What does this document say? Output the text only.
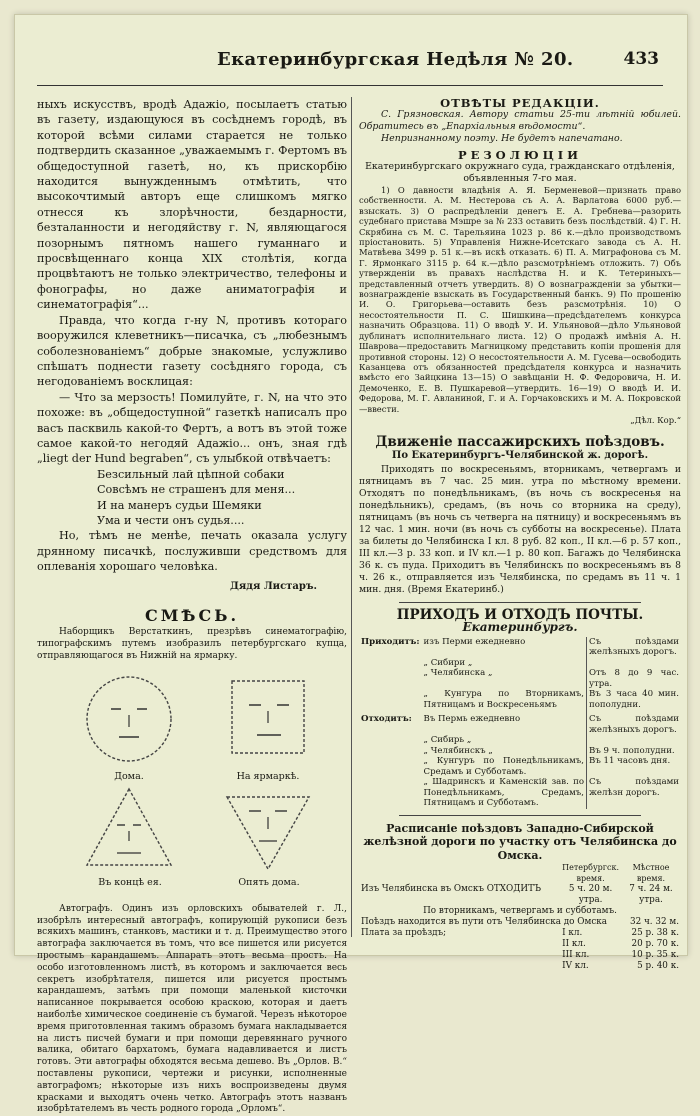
Екатеринбургская Недѣля № 20.	433

ныхъ искусствъ, вродѣ Адажіо, посылаетъ статью въ газету, издающуюся въ сосѣднемъ городѣ, въ которой всѣми силами старается не только подтвердить сказанное „уважаемымъ г. Фертомъ въ общедоступной газетѣ, но, къ прискорбію находится вынужденнымъ отмѣтить, что высокочтимый авторъ еще слишкомъ мягко отнесся къ злорѣчности, бездарности, безталанности и негодяйству г. N, являющагося позорнымъ пятномъ нашего гуманнаго и просвѣщеннаго конца XIX столѣтія, когда процвѣтаютъ не только электричество, телефоны и фонографы, но даже аниматографія и синематографія“...

Правда, что когда г-ну N, противъ котораго вооружился клеветникъ—писачка, съ „любезнымъ соболезнованіемъ“ добрые знакомые, услужливо спѣшатъ поднести газету сосѣдняго города, съ негодованіемъ восклицая:

— Что за мерзость! Помилуйте, г. N, на что это похоже: въ „общедоступной“ газеткѣ написалъ про васъ пасквиль какой-то Фертъ, а вотъ въ этой тоже самое какой-то негодяй Адажіо... онъ, зная гдѣ „liegt der Hund begraben“, съ улыбкой отвѣчаетъ:

Безсильный лай цѣпной собаки
Совсѣмъ не страшенъ для меня...
И на манеръ судьи Шемяки
Ума и чести онъ судья....

Но, тѣмъ не менѣе, печать оказала услугу дрянному писачкѣ, послуживши средствомъ для оплеванія хорошаго человѣка.

Дядя Листаръ.
СМѢСЬ.

Наборщикъ Верстаткинъ, презрѣвъ синематографію, типографскимъ путемъ изобразилъ петербургскаго купца, отправляющагося въ Нижній на ярмарку.

Дома.	На ярмаркѣ.
Въ концѣ ея.	Опять дома.

Автографъ. Одинъ изъ орловскихъ обывателей г. Л., изобрѣлъ интересный автографъ, копирующій рукописи безъ всякихъ машинъ, станковъ, мастики и т. д. Преимущество этого автографа заключается въ томъ, что все пишется или рисуется простымъ карандашемъ. Аппаратъ этотъ весьма простъ. На особо изготовленномъ листѣ, въ которомъ и заключается весь секретъ изобрѣтателя, пишется или рисуется простымъ карандашемъ, затѣмъ при помощи маленькой кисточки написанное покрывается особою краскою, которая и даетъ наиболѣе химическое соединеніе съ бумагой. Черезъ нѣкоторое время приготовленная такимъ образомъ бумага накладывается на листъ писчей бумаги и при помощи деревяннаго ручного валика, обитаго бархатомъ, бумага надавливается и листъ готовъ. Эти автографы обходятся весьма дешево. Въ „Орлов. В.“ поставлены рукописи, чертежи и рисунки, исполненные автографомъ; нѣкоторые изъ нихъ воспроизведены двумя красками и выходятъ очень четко. Автографъ этотъ названъ изобрѣтателемъ въ честь родного города „Орломъ“.

ОТВѢТЫ РЕДАКЦІИ.

С. Грязновская. Автору статьи 25-ти лѣтній юбилей. Обратитесь въ „Епархіальныя вѣдомости“.

Непризнанному поэту. Не будетъ напечатано.

РЕЗОЛЮЦІИ

Екатеринбургскаго окружнаго суда, гражданскаго отдѣленія, объявленныя 7-го мая.

1) О давности владѣнія А. Я. Берменевой—признать право собственности. А. М. Нестерова съ А. А. Варлатова 6000 руб.—взыскать. 3) О распредѣленіи денегъ Е. А. Гребнева—разорить судебнаго пристава Мэшре за № 233 оставить безъ послѣдствій. 4) Г. Н. Скрябина съ М. С. Тарельяина 1023 р. 86 к.—дѣло производствомъ пріостановить. 5) Управленія Нижне-Исетскаго завода съ А. Н. Матвѣева 3499 р. 51 к.—въ искѣ отказать. 6) П. А. Миграфонова съ М. Г. Ярмонкаго 3115 р. 64 к.—дѣло разсмотрѣніемъ отложить. 7) Объ утвержденіи въ правахъ наслѣдства Н. и К. Тетериныхъ—представленный отчетъ утвердить. 8) О вознагражденіи за убытки—вознагражденіе взыскать въ Государственный банкъ. 9) По прошенію И. О. Григорьева—оставить безъ разсмотрѣнія. 10) О несостоятельности П. С. Шишкина—предсѣдателемъ конкурса назначить Образцова. 11) О вводѣ У. И. Ульяновой—дѣло Ульяновой дублинатъ исполнительнаго листа. 12) О продажѣ имѣнія А. Н. Шаврова—предоставить Магницкому представить копіи прошенія для противной стороны. 12) О несостоятельности А. М. Гусева—освободить Казанцева отъ обязанностей предсѣдателя конкурса и назначить вмѣсто его Зайцкина 13—15) О завѣщаніи Н. Ф. Федоровича, Н. И. Демоченко, Е. В. Пушкаревой—утвердить. 16—19) О вводѣ И. И. Федорова, М. Г. Авланиной, Г. и А. Горчаковскихъ и М. А. Покровской—ввести.

„Дѣл. Кор.“
Движеніе пассажирскихъ поѣздовъ.

По Екатеринбургъ-Челябинской ж. дорогѣ.

Приходятъ по воскресеньямъ, вторникамъ, четвергамъ и пятницамъ въ 7 час. 25 мин. утра по мѣстному времени. Отходятъ по понедѣльникамъ, (въ ночь съ воскресенья на понедѣльникъ), средамъ, (въ ночь со вторника на среду), пятницамъ (въ ночь съ четверга на пятницу) и воскресеньямъ въ 12 час. 1 мин. ночи (въ ночь съ субботы на воскресенье). Плата за билеты до Челябинска I кл. 8 руб. 82 коп., II кл.—6 р. 57 коп., III кл.—3 р. 33 коп. и IV кл.—1 р. 80 коп. Багажъ до Челябинска 36 к. съ пуда. Приходитъ въ Челябинскъ по воскресеньямъ въ 8 ч. 26 к., отправляется изъ Челябинска, по средамъ въ 11 ч. 1 мин. дня. (Время Екатеринб.)

ПРИХОДЪ И ОТХОДЪ ПОЧТЫ.
Екатеринбургъ.
Приходитъ:	изъ Перми ежедневно	Съ поѣздами желѣзныхъ дорогъ.
	„ Сибири „	
	„ Челябинска „	Отъ 8 до 9 час. утра.
	„ Кунгура по Вторникамъ, Пятницамъ и Воскресеньямъ	Въ 3 часа 40 мин. пополудни.
Отходитъ:	Въ Пермь ежедневно	Съ поѣздами желѣзныхъ дорогъ.
	„ Сибирь „	
	„ Челябинскъ „	Въ 9 ч. пополудни.
	„ Кунгуръ по Понедѣльникамъ, Средамъ и Субботамъ.	Въ 11 часовъ дня.
	„ Шадринскъ и Каменскій зав. по Понедѣльникамъ, Средамъ, Пятницамъ и Субботамъ.	Съ поѣздами желѣзн дорогъ.

Расписаніе поѣздовъ Западно-Сибирской желѣзной дороги по участку отъ Челябинска до Омска.

	Петербургск. время.	Мѣстное время.
Изъ Челябинска въ Омскъ ОТХОДИТЪ	5 ч. 20 м. утра.	7 ч. 24 м. утра.
По вторникамъ, четвергамъ и субботамъ.		
Поѣздъ находится въ пути отъ Челябинска до Омска		32 ч. 32 м.
Плата за проѣздъ;	I кл.	25 р. 38 к.
	II кл.	20 р. 70 к.
	III кл.	10 р. 35 к.
	IV кл.	5 р. 40 к.
